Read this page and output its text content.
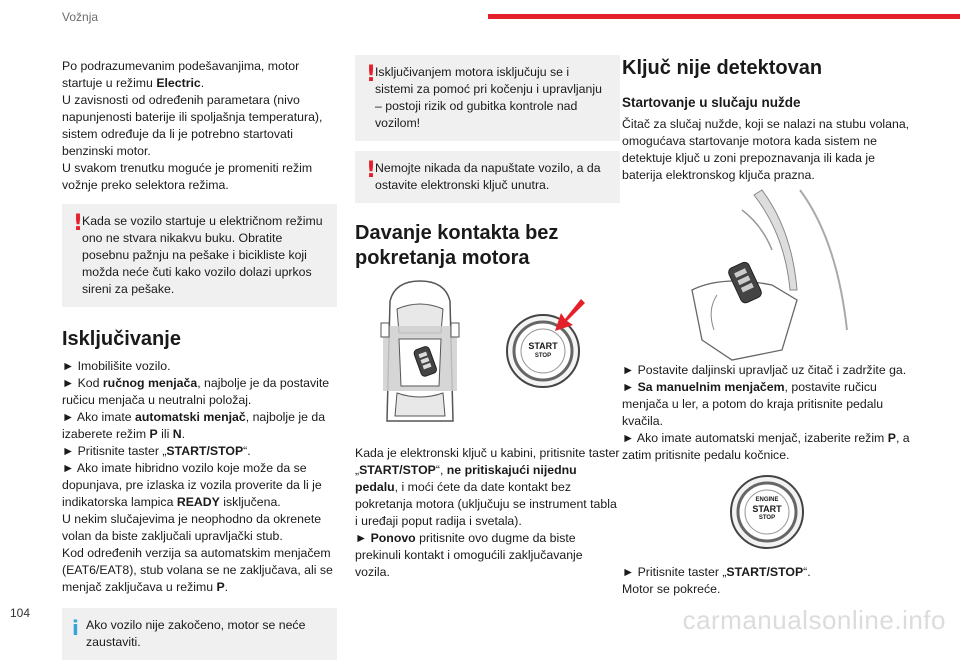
Vožnja

Po podrazumevanim podešavanjima, motor startuje u režimu Electric.

U zavisnosti od određenih parametara (nivo napunjenosti baterije ili spoljašnja temperatura), sistem određuje da li je potrebno startovati benzinski motor.

U svakom trenutku moguće je promeniti režim vožnje preko selektora režima.

!
Kada se vozilo startuje u električnom režimu ono ne stvara nikakvu buku. Obratite posebnu pažnju na pešake i bicikliste koji možda neće čuti kako vozilo dolazi uprkos sireni za pešake.
Isključivanje

► Imobilišite vozilo.

► Kod ručnog menjača, najbolje je da postavite ručicu menjača u neutralni položaj.

► Ako imate automatski menjač, najbolje je da izaberete režim P ili N.

► Pritisnite taster „START/STOP“.

► Ako imate hibridno vozilo koje može da se dopunjava, pre izlaska iz vozila proverite da li je indikatorska lampica READY isključena.

U nekim slučajevima je neophodno da okrenete volan da biste zaključali upravljački stub.

Kod određenih verzija sa automatskim menjačem (EAT6/EAT8), stub volana se ne zaključava, ali se menjač zaključava u režimu P.

i Ako vozilo nije zakočeno, motor se neće zaustaviti.
!
Isključivanjem motora isključuju se i sistemi za pomoć pri kočenju i upravljanju – postoji rizik od gubitka kontrole nad vozilom!
!
Nemojte nikada da napuštate vozilo, a da ostavite elektronski ključ unutra.
Davanje kontakta bez pokretanja motora
START
STOP

Kada je elektronski ključ u kabini, pritisnite taster „START/STOP“, ne pritiskajući nijednu pedalu, i moći ćete da date kontakt bez pokretanja motora (uključuju se instrument tabla i uređaji poput radija i svetala).

► Ponovo pritisnite ovo dugme da biste prekinuli kontakt i omogućili zaključavanje vozila.

Ključ nije detektovan
Startovanje u slučaju nužde

Čitač za slučaj nužde, koji se nalazi na stubu volana, omogućava startovanje motora kada sistem ne detektuje ključ u zoni prepoznavanja ili kada je baterija elektronskog ključa prazna.

► Postavite daljinski upravljač uz čitač i zadržite ga.

► Sa manuelnim menjačem, postavite ručicu menjača u ler, a potom do kraja pritisnite pedalu kvačila.

► Ako imate automatski menjač, izaberite režim P, a zatim pritisnite pedalu kočnice.

ENGINE
START
STOP

► Pritisnite taster „START/STOP“.

Motor se pokreće.

104	carmanualsonline.info
